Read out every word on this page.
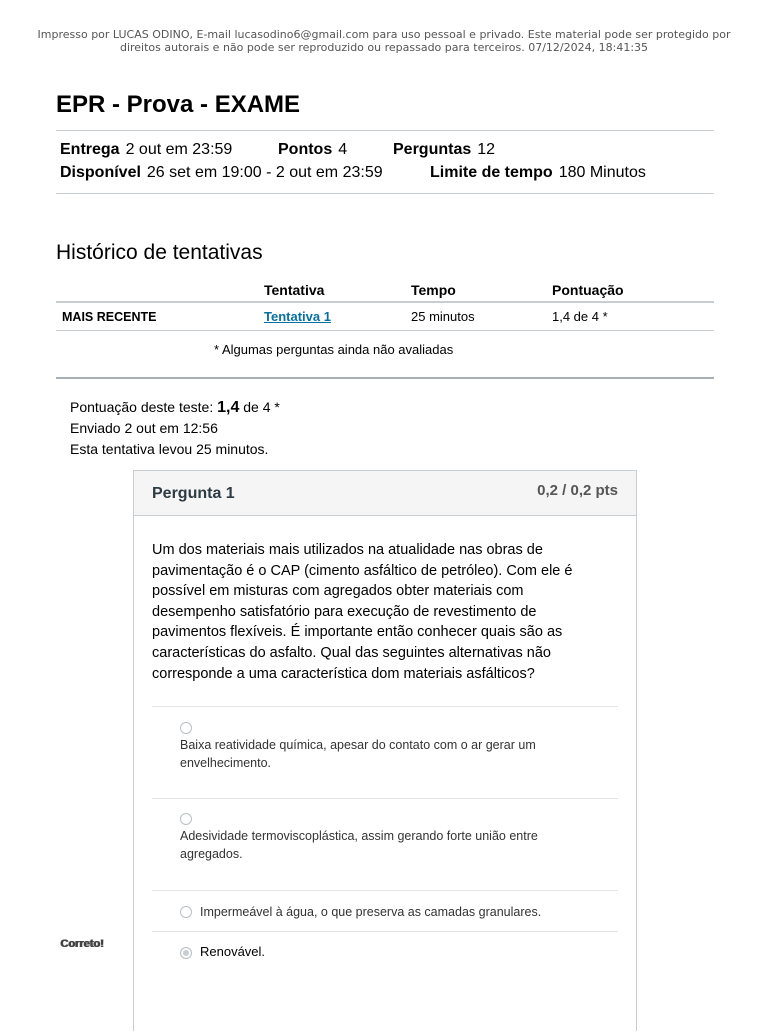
Impresso por LUCAS ODINO, E-mail lucasodino6@gmail.com para uso pessoal e privado. Este material pode ser protegido por direitos autorais e não pode ser reproduzido ou repassado para terceiros. 07/12/2024, 18:41:35
EPR - Prova - EXAME
Entrega 2 out em 23:59	Pontos 4	Perguntas 12
Disponível 26 set em 19:00 - 2 out em 23:59	Limite de tempo 180 Minutos
Histórico de tentativas
	Tentativa	Tempo	Pontuação
MAIS RECENTE	Tentativa 1	25 minutos	1,4 de 4 *
* Algumas perguntas ainda não avaliadas
Pontuação deste teste: 1,4 de 4 *
Enviado 2 out em 12:56
Esta tentativa levou 25 minutos.
Correto!
Pergunta 1	0,2 / 0,2 pts

Um dos materiais mais utilizados na atualidade nas obras de pavimentação é o CAP (cimento asfáltico de petróleo). Com ele é possível em misturas com agregados obter materiais com desempenho satisfatório para execução de revestimento de pavimentos flexíveis. É importante então conhecer quais são as características do asfalto. Qual das seguintes alternativas não corresponde a uma característica dom materiais asfálticos?

Baixa reatividade química, apesar do contato com o ar gerar um envelhecimento.
Adesividade termoviscoplástica, assim gerando forte união entre agregados.
Impermeável à água, o que preserva as camadas granulares.
Renovável.
